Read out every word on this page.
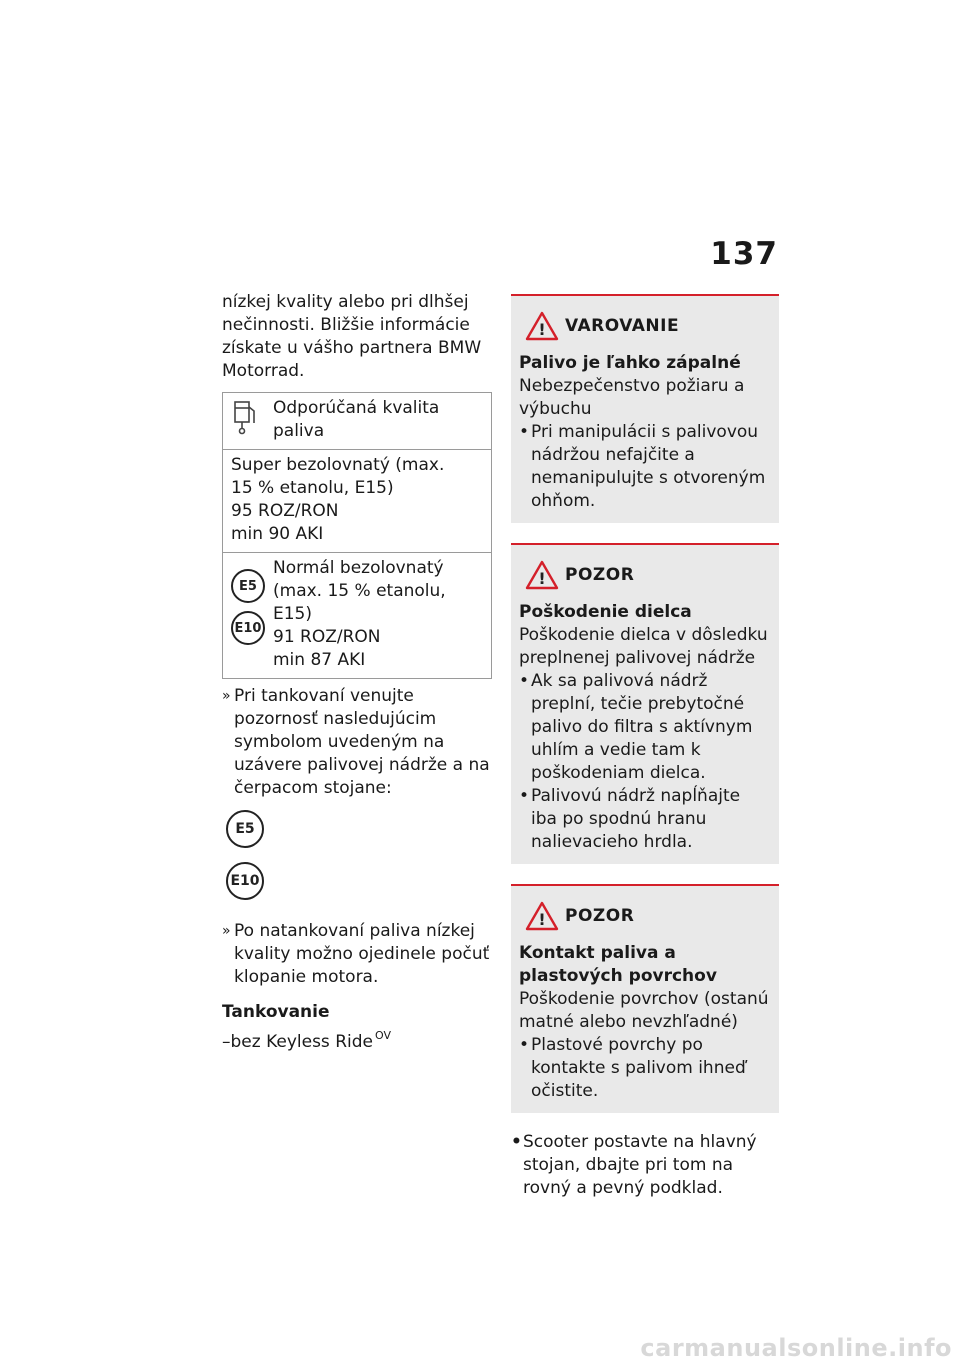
137

nízkej kvality alebo pri dlhšej nečinnosti. Bližšie informácie získate u vášho partnera BMW Motorrad.

Odporúčaná kvalita paliva
Super bezolovnatý (max.
15 % etanolu, E15)
95 ROZ/RON
min 90 AKI
E5 E10
Normál bezolovnatý
(max. 15 % etanolu,
E15)
91 ROZ/RON
min 87 AKI
» Pri tankovaní venujte pozornosť nasledujúcim symbolom uvedeným na uzávere palivovej nádrže a na čerpacom stojane:
E5
E10
» Po natankovaní paliva nízkej kvality možno ojedinele počuť klopanie motora.
Tankovanie
–bez Keyless Ride $^{OV}$
! VAROVANIE
Palivo je ľahko zápalné
Nebezpečenstvo požiaru a výbuchu
• Pri manipulácii s palivovou nádržou nefajčite a nemanipulujte s otvoreným ohňom.
! POZOR
Poškodenie dielca
Poškodenie dielca v dôsledku preplnenej palivovej nádrže
• Ak sa palivová nádrž preplní, tečie prebytočné palivo do filtra s aktívnym uhlím a vedie tam k poškodeniam dielca.
• Palivovú nádrž napĺňajte iba po spodnú hranu nalievacieho hrdla.
! POZOR
Kontakt paliva a plastových povrchov
Poškodenie povrchov (ostanú matné alebo nevzhľadné)
• Plastové povrchy po kontakte s palivom ihneď očistite.
• Scooter postavte na hlavný stojan, dbajte pri tom na rovný a pevný podklad.
carmanualsonline.info
